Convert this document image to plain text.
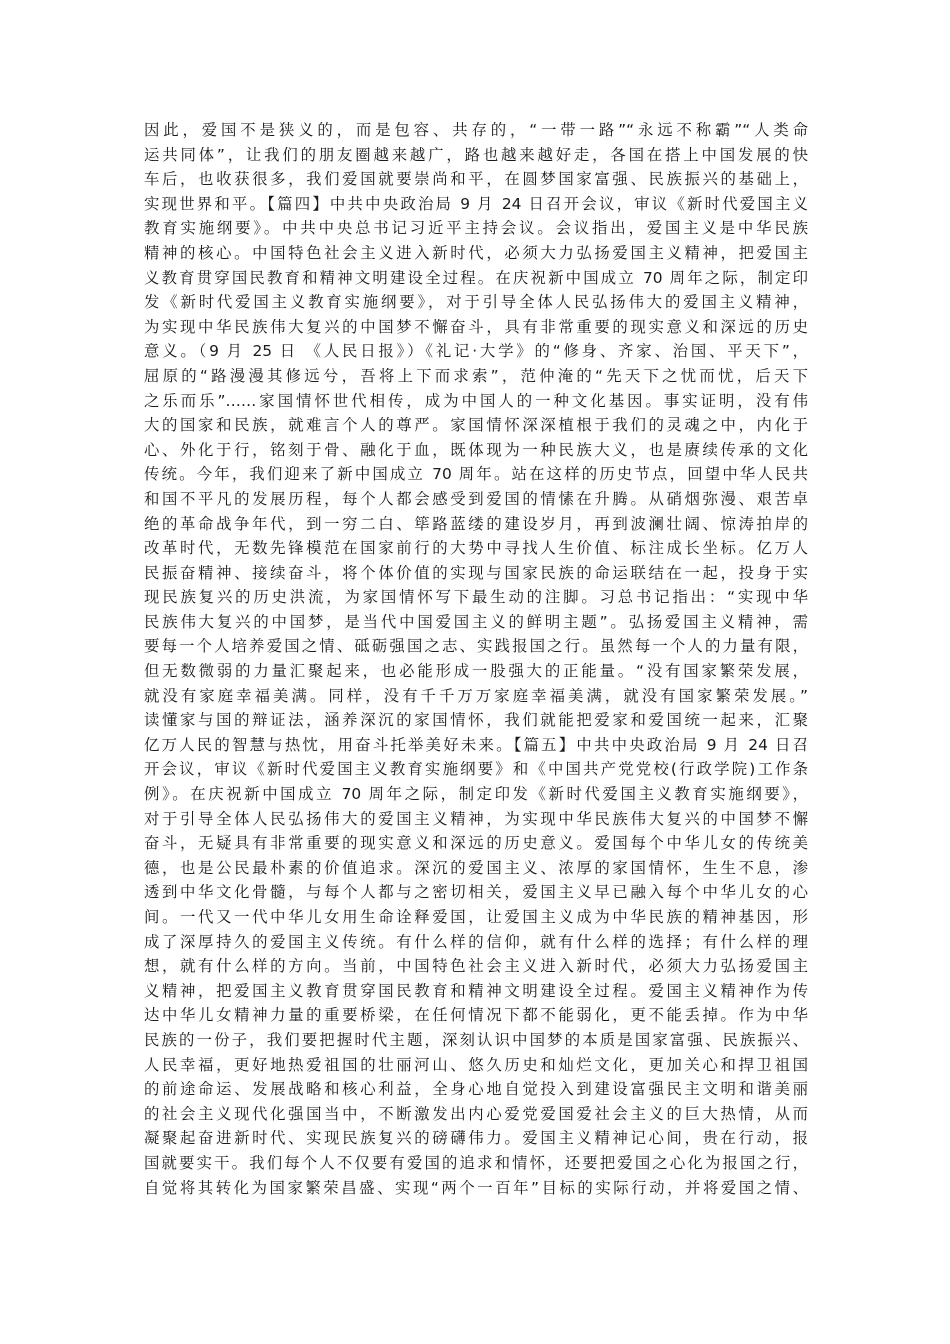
因此，爱国不是狭义的，而是包容、共存的，“一带一路”“永远不称霸”“人类命
运共同体”，让我们的朋友圈越来越广，路也越来越好走，各国在搭上中国发展的快
车后，也收获很多，我们爱国就要崇尚和平，在圆梦国家富强、民族振兴的基础上，
实现世界和平。【篇四】中共中央政治局 9 月 24 日召开会议，审议《新时代爱国主义
教育实施纲要》。中共中央总书记习近平主持会议。会议指出，爱国主义是中华民族
精神的核心。中国特色社会主义进入新时代，必须大力弘扬爱国主义精神，把爱国主
义教育贯穿国民教育和精神文明建设全过程。在庆祝新中国成立 70 周年之际，制定印
发《新时代爱国主义教育实施纲要》，对于引导全体人民弘扬伟大的爱国主义精神，
为实现中华民族伟大复兴的中国梦不懈奋斗，具有非常重要的现实意义和深远的历史
意义。（9 月 25 日 《人民日报》）《礼记·大学》的“修身、齐家、治国、平天下”，
屈原的“路漫漫其修远兮，吾将上下而求索”，范仲淹的“先天下之忧而忧，后天下
之乐而乐”……家国情怀世代相传，成为中国人的一种文化基因。事实证明，没有伟
大的国家和民族，就难言个人的尊严。家国情怀深深植根于我们的灵魂之中，内化于
心、外化于行，铭刻于骨、融化于血，既体现为一种民族大义，也是赓续传承的文化
传统。今年，我们迎来了新中国成立 70 周年。站在这样的历史节点，回望中华人民共
和国不平凡的发展历程，每个人都会感受到爱国的情愫在升腾。从硝烟弥漫、艰苦卓
绝的革命战争年代，到一穷二白、筚路蓝缕的建设岁月，再到波澜壮阔、惊涛拍岸的
改革时代，无数先锋模范在国家前行的大势中寻找人生价值、标注成长坐标。亿万人
民振奋精神、接续奋斗，将个体价值的实现与国家民族的命运联结在一起，投身于实
现民族复兴的历史洪流，为家国情怀写下最生动的注脚。习总书记指出：“实现中华
民族伟大复兴的中国梦，是当代中国爱国主义的鲜明主题”。弘扬爱国主义精神，需
要每一个人培养爱国之情、砥砺强国之志、实践报国之行。虽然每一个人的力量有限，
但无数微弱的力量汇聚起来，也必能形成一股强大的正能量。“没有国家繁荣发展，
就没有家庭幸福美满。同样，没有千千万万家庭幸福美满，就没有国家繁荣发展。”
读懂家与国的辩证法，涵养深沉的家国情怀，我们就能把爱家和爱国统一起来，汇聚
亿万人民的智慧与热忱，用奋斗托举美好未来。【篇五】中共中央政治局 9 月 24 日召
开会议，审议《新时代爱国主义教育实施纲要》和《中国共产党党校(行政学院)工作条
例》。在庆祝新中国成立 70 周年之际，制定印发《新时代爱国主义教育实施纲要》，
对于引导全体人民弘扬伟大的爱国主义精神，为实现中华民族伟大复兴的中国梦不懈
奋斗，无疑具有非常重要的现实意义和深远的历史意义。爱国每个中华儿女的传统美
德，也是公民最朴素的价值追求。深沉的爱国主义、浓厚的家国情怀，生生不息，渗
透到中华文化骨髓，与每个人都与之密切相关，爱国主义早已融入每个中华儿女的心
间。一代又一代中华儿女用生命诠释爱国，让爱国主义成为中华民族的精神基因，形
成了深厚持久的爱国主义传统。有什么样的信仰，就有什么样的选择；有什么样的理
想，就有什么样的方向。当前，中国特色社会主义进入新时代，必须大力弘扬爱国主
义精神，把爱国主义教育贯穿国民教育和精神文明建设全过程。爱国主义精神作为传
达中华儿女精神力量的重要桥梁，在任何情况下都不能弱化，更不能丢掉。作为中华
民族的一份子，我们要把握时代主题，深刻认识中国梦的本质是国家富强、民族振兴、
人民幸福，更好地热爱祖国的壮丽河山、悠久历史和灿烂文化，更加关心和捍卫祖国
的前途命运、发展战略和核心利益，全身心地自觉投入到建设富强民主文明和谐美丽
的社会主义现代化强国当中，不断激发出内心爱党爱国爱社会主义的巨大热情，从而
凝聚起奋进新时代、实现民族复兴的磅礴伟力。爱国主义精神记心间，贵在行动，报
国就要实干。我们每个人不仅要有爱国的追求和情怀，还要把爱国之心化为报国之行，
自觉将其转化为国家繁荣昌盛、实现“两个一百年”目标的实际行动，并将爱国之情、
